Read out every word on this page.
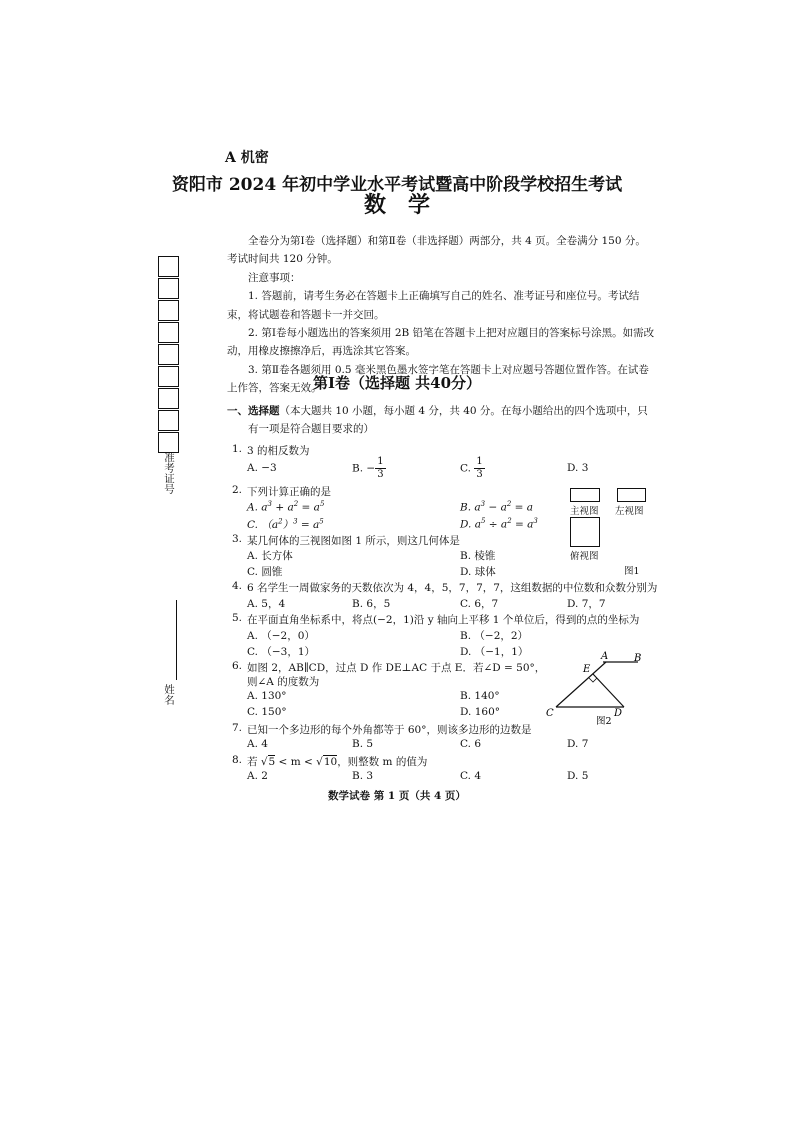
A 机密
资阳市 2024 年初中学业水平考试暨高中阶段学校招生考试
数学

全卷分为第Ⅰ卷（选择题）和第Ⅱ卷（非选择题）两部分，共 4 页。全卷满分 150 分。考试时间共 120 分钟。

注意事项：

1. 答题前，请考生务必在答题卡上正确填写自己的姓名、准考证号和座位号。考试结束，将试题卷和答题卡一并交回。

2. 第Ⅰ卷每小题选出的答案须用 2B 铅笔在答题卡上把对应题目的答案标号涂黑。如需改动，用橡皮擦擦净后，再选涂其它答案。

3. 第Ⅱ卷各题须用 0.5 毫米黑色墨水签字笔在答题卡上对应题号答题位置作答。在试卷上作答，答案无效。

第Ⅰ卷（选择题 共40分）
一、选择题（本大题共 10 小题，每小题 4 分，共 40 分。在每小题给出的四个选项中，只
有一项是符合题目要求的）
准考证号
姓名
1. 3 的相反数为
A. −3	B. − $\frac{1}{3}$	C. $\frac{1}{3}$	D. 3
2. 下列计算正确的是
A. $a^3 + a^2 = a^5$	B. $a^3 - a^2 = a$
C. $(a^2)^3 = a^5$	D. $a^5 \div a^2 = a^3$
主视图 左视图
俯视图
图1
3. 某几何体的三视图如图 1 所示，则这几何体是
A. 长方体	B. 棱锥
C. 圆锥	D. 球体
4. 6 名学生一周做家务的天数依次为 4，4，5，7，7，7，这组数据的中位数和众数分别为
A. 5，4	B. 6，5	C. 6，7	D. 7，7
5. 在平面直角坐标系中，将点(−2，1)沿 y 轴向上平移 1 个单位后，得到的点的坐标为
A. （−2，0）	B. （−2，2）
C. （−3，1）	D. （−1，1）
6. 如图 2，AB∥CD，过点 D 作 DE⊥AC 于点 E．若∠D = 50°，
则∠A 的度数为
A. 130°	B. 140°
C. 150°	D. 160°
A	B
E
C	D
图2
7. 已知一个多边形的每个外角都等于 60°，则该多边形的边数是
A. 4	B. 5	C. 6	D. 7
8. 若 √5 < m < √10，则整数 m 的值为
A. 2	B. 3	C. 4	D. 5
数学试卷 第 1 页（共 4 页）
